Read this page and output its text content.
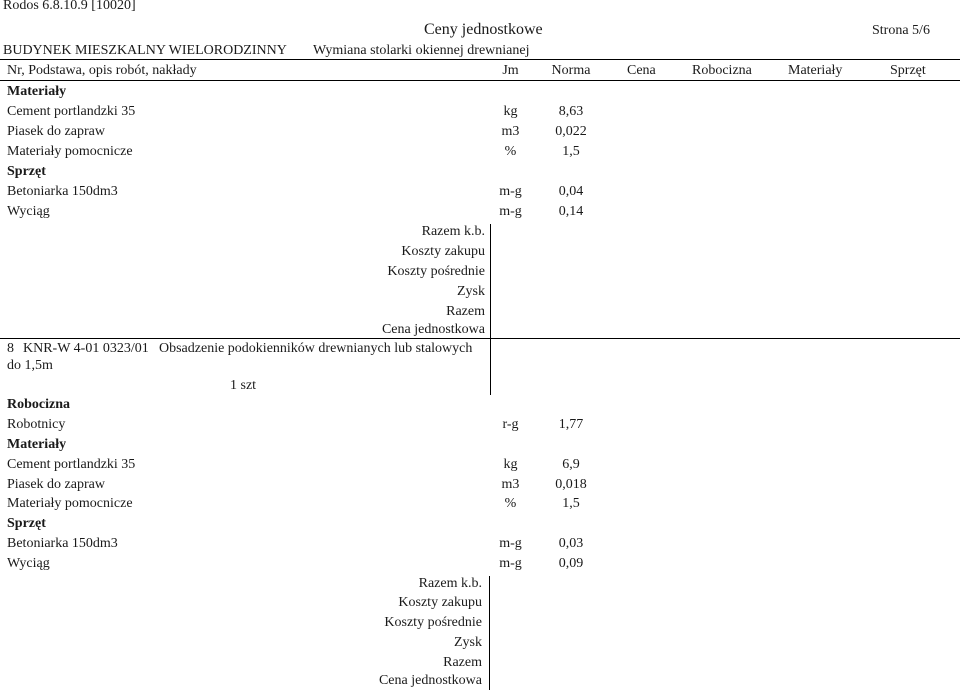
Rodos 6.8.10.9 [10020]
Ceny jednostkowe	Strona 5/6
BUDYNEK MIESZKALNY WIELORODZINNY Wymiana stolarki okiennej drewnianej
Nr, Podstawa, opis robót, nakłady	Jm	Norma	Cena	Robocizna	Materiały	Sprzęt
Materiały
Cement portlandzki 35	kg	8,63
Piasek do zapraw	m3	0,022
Materiały pomocnicze	%	1,5
Sprzęt
Betoniarka 150dm3	m-g	0,04
Wyciąg	m-g	0,14
Razem k.b.
Koszty zakupu
Koszty pośrednie
Zysk
Razem
Cena jednostkowa
8 KNR-W 4-01 0323/01 Obsadzenie podokienników drewnianych lub stalowych
do 1,5m
1 szt
Robocizna
Robotnicy	r-g	1,77
Materiały
Cement portlandzki 35	kg	6,9
Piasek do zapraw	m3	0,018
Materiały pomocnicze	%	1,5
Sprzęt
Betoniarka 150dm3	m-g	0,03
Wyciąg	m-g	0,09
Razem k.b.
Koszty zakupu
Koszty pośrednie
Zysk
Razem
Cena jednostkowa
